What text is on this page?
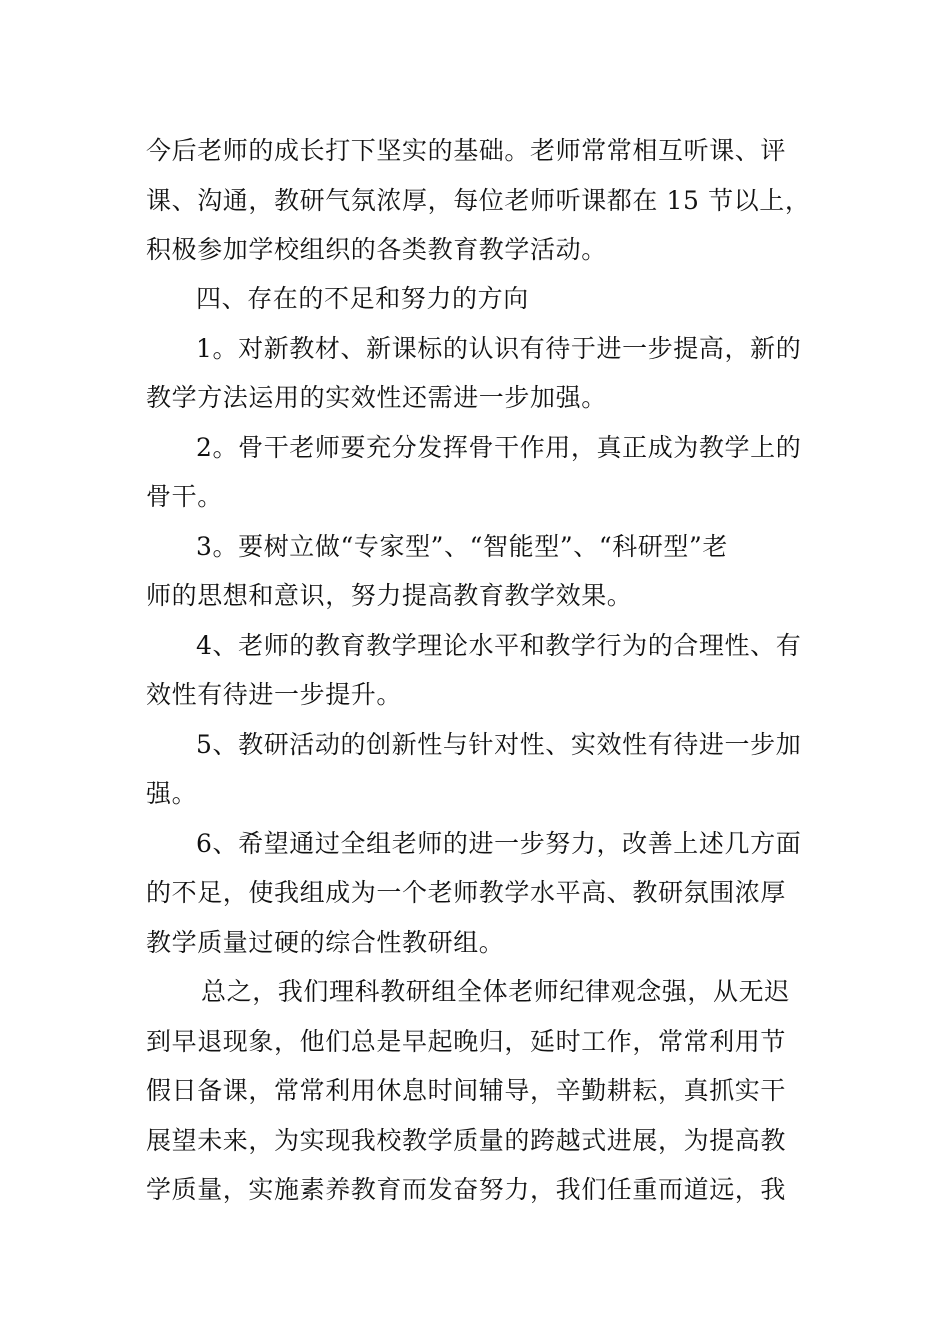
今后老师的成长打下坚实的基础。老师常常相互听课、评
课、沟通，教研气氛浓厚，每位老师听课都在 15 节以上，
积极参加学校组织的各类教育教学活动。
四、存在的不足和努力的方向
1。对新教材、新课标的认识有待于进一步提高，新的
教学方法运用的实效性还需进一步加强。
2。骨干老师要充分发挥骨干作用，真正成为教学上的
骨干。
3。要树立做“专家型”、“智能型”、“科研型”老
师的思想和意识，努力提高教育教学效果。
4、老师的教育教学理论水平和教学行为的合理性、有
效性有待进一步提升。
5、教研活动的创新性与针对性、实效性有待进一步加
强。
6、希望通过全组老师的进一步努力，改善上述几方面
的不足，使我组成为一个老师教学水平高、教研氛围浓厚
教学质量过硬的综合性教研组。
总之，我们理科教研组全体老师纪律观念强，从无迟
到早退现象，他们总是早起晚归，延时工作，常常利用节
假日备课，常常利用休息时间辅导，辛勤耕耘，真抓实干
展望未来，为实现我校教学质量的跨越式进展，为提高教
学质量，实施素养教育而发奋努力，我们任重而道远，我
